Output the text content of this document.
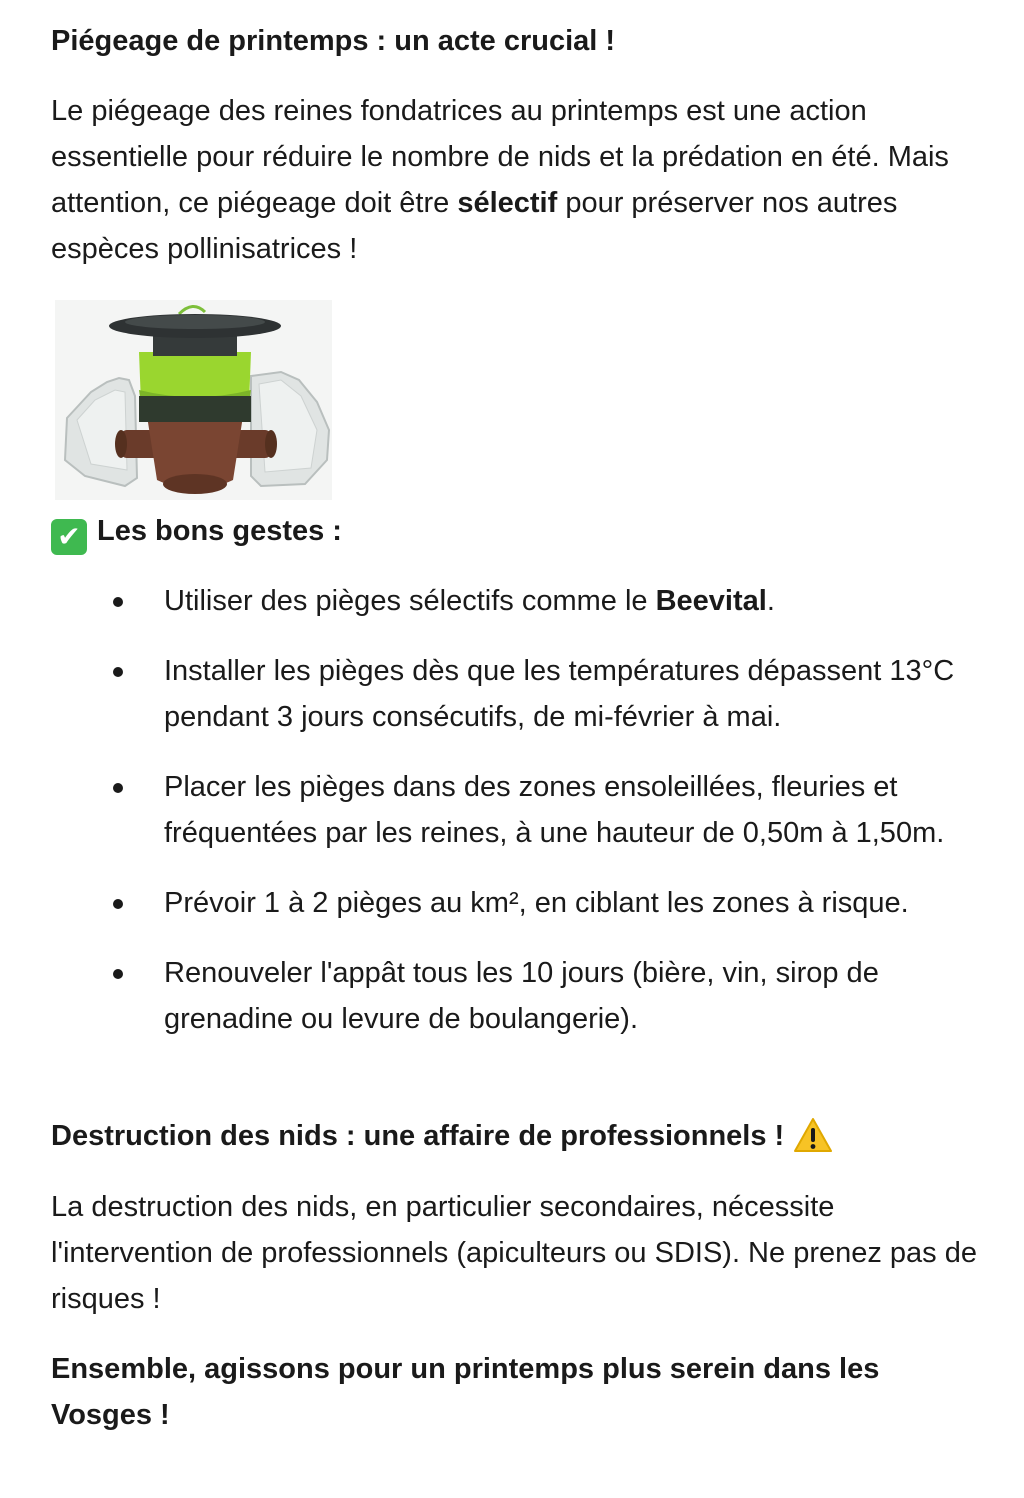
Piégeage de printemps : un acte crucial !

Le piégeage des reines fondatrices au printemps est une action essentielle pour réduire le nombre de nids et la prédation en été. Mais attention, ce piégeage doit être sélectif pour préserver nos autres espèces pollinisatrices !

✔ Les bons gestes :
Utiliser des pièges sélectifs comme le Beevital.
Installer les pièges dès que les températures dépassent 13°C pendant 3 jours consécutifs, de mi-février à mai.
Placer les pièges dans des zones ensoleillées, fleuries et fréquentées par les reines, à une hauteur de 0,50m à 1,50m.
Prévoir 1 à 2 pièges au km², en ciblant les zones à risque.
Renouveler l'appât tous les 10 jours (bière, vin, sirop de grenadine ou levure de boulangerie).
Destruction des nids : une affaire de professionnels !

La destruction des nids, en particulier secondaires, nécessite l'intervention de professionnels (apiculteurs ou SDIS). Ne prenez pas de risques !

Ensemble, agissons pour un printemps plus serein dans les Vosges !
